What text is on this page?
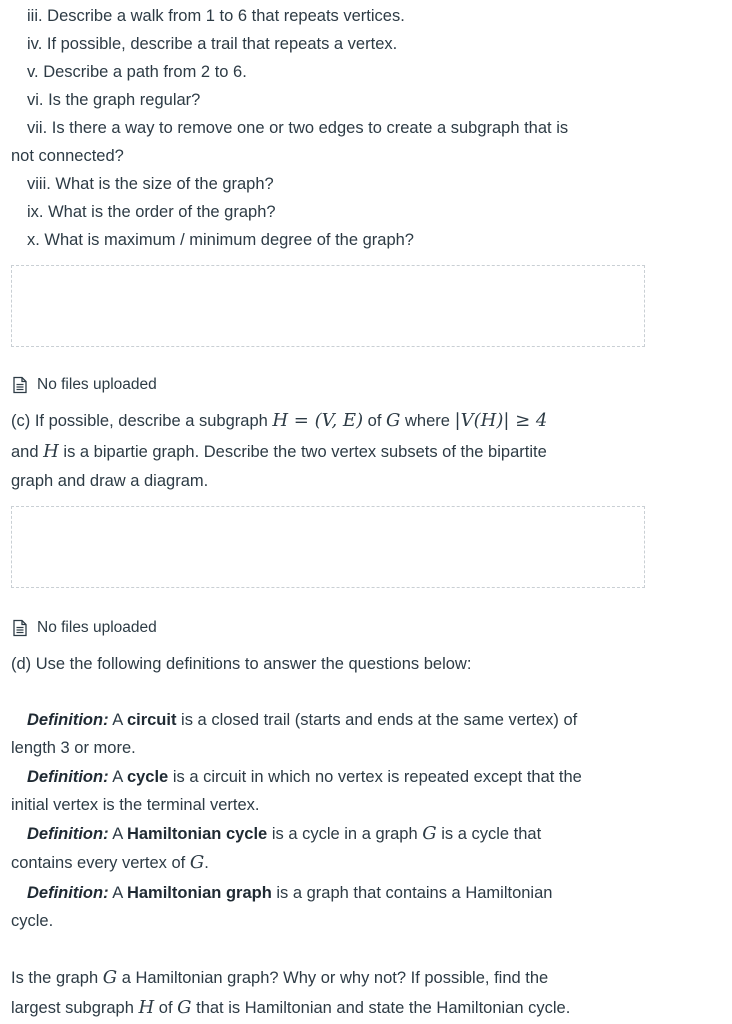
iii. Describe a walk from 1 to 6 that repeats vertices.
iv. If possible, describe a trail that repeats a vertex.
v. Describe a path from 2 to 6.
vi. Is the graph regular?
vii. Is there a way to remove one or two edges to create a subgraph that is
not connected?
viii. What is the size of the graph?
ix. What is the order of the graph?
x. What is maximum / minimum degree of the graph?
No files uploaded
(c) If possible, describe a subgraph H = (V, E) of G where |V(H)| ≥ 4
and H is a bipartie graph. Describe the two vertex subsets of the bipartite
graph and draw a diagram.
No files uploaded
(d) Use the following definitions to answer the questions below:
Definition: A circuit is a closed trail (starts and ends at the same vertex) of
length 3 or more.
Definition: A cycle is a circuit in which no vertex is repeated except that the
initial vertex is the terminal vertex.
Definition: A Hamiltonian cycle is a cycle in a graph G is a cycle that
contains every vertex of G.
Definition: A Hamiltonian graph is a graph that contains a Hamiltonian
cycle.
Is the graph G a Hamiltonian graph? Why or why not? If possible, find the
largest subgraph H of G that is Hamiltonian and state the Hamiltonian cycle.
